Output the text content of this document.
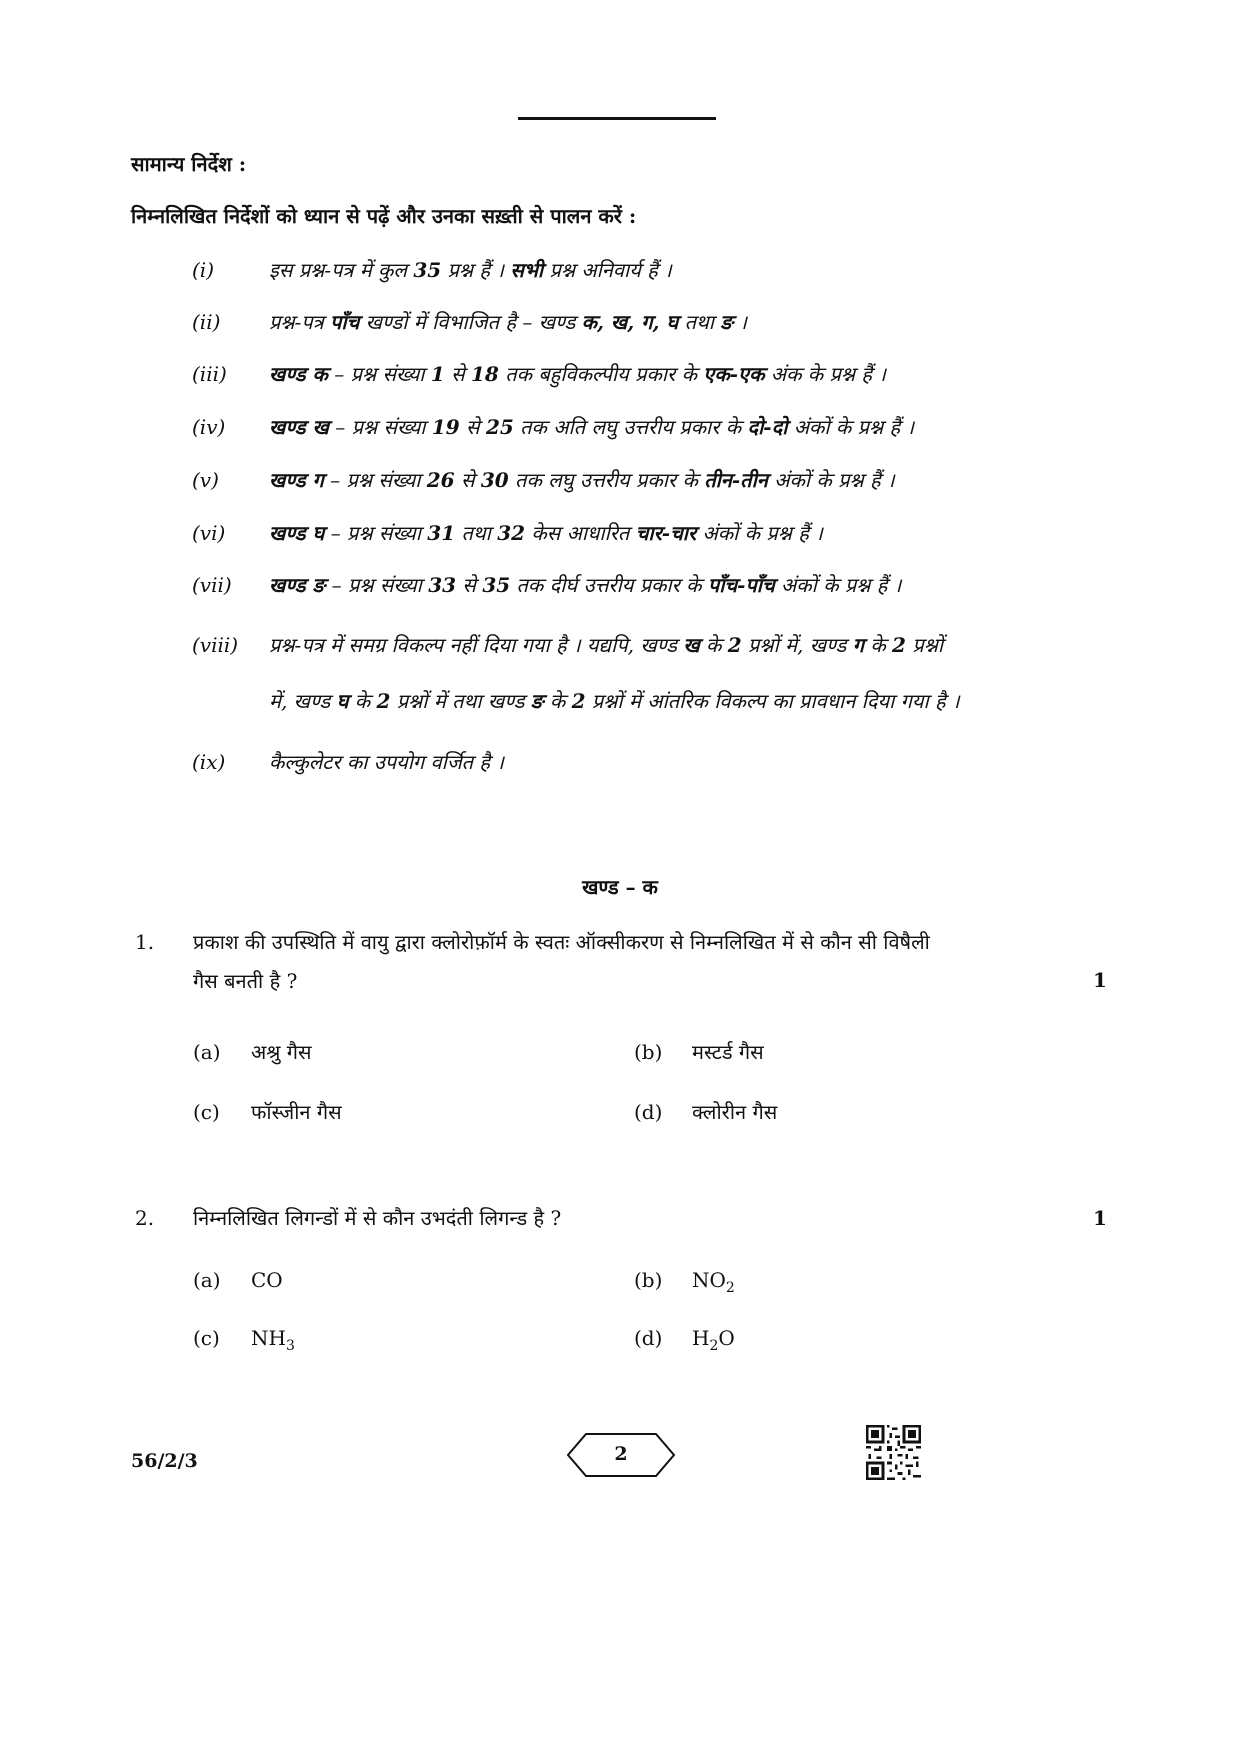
सामान्य निर्देश :
निम्नलिखित निर्देशों को ध्यान से पढ़ें और उनका सख़्ती से पालन करें :
(i)	इस प्रश्न-पत्र में कुल 35 प्रश्न हैं । सभी प्रश्न अनिवार्य हैं ।
(ii) प्रश्न-पत्र पाँच खण्डों में विभाजित है – खण्ड क, ख, ग, घ तथा ङ ।
(iii) खण्ड क – प्रश्न संख्या 1 से 18 तक बहुविकल्पीय प्रकार के एक-एक अंक के प्रश्न हैं ।
(iv) खण्ड ख – प्रश्न संख्या 19 से 25 तक अति लघु उत्तरीय प्रकार के दो-दो अंकों के प्रश्न हैं ।
(v)	खण्ड ग – प्रश्न संख्या 26 से 30 तक लघु उत्तरीय प्रकार के तीन-तीन अंकों के प्रश्न हैं ।
(vi) खण्ड घ – प्रश्न संख्या 31 तथा 32 केस आधारित चार-चार अंकों के प्रश्न हैं ।
(vii) खण्ड ङ – प्रश्न संख्या 33 से 35 तक दीर्घ उत्तरीय प्रकार के पाँच-पाँच अंकों के प्रश्न हैं ।
(viii) प्रश्न-पत्र में समग्र विकल्प नहीं दिया गया है । यद्यपि, खण्ड ख के 2 प्रश्नों में, खण्ड ग के 2 प्रश्नों
में, खण्ड घ के 2 प्रश्नों में तथा खण्ड ङ के 2 प्रश्नों में आंतरिक विकल्प का प्रावधान दिया गया है ।
(ix) कैल्कुलेटर का उपयोग वर्जित है ।
खण्ड – क
1. प्रकाश की उपस्थिति में वायु द्वारा क्लोरोफ़ॉर्म के स्वतः ऑक्सीकरण से निम्नलिखित में से कौन सी विषैली
गैस बनती है ?	1
(a) अश्रु गैस	(b) मस्टर्ड गैस
(c) फॉस्जीन गैस	(d) क्लोरीन गैस
2. निम्नलिखित लिगन्डों में से कौन उभदंती लिगन्ड है ?	1
(a) CO	(b) $NO_2$
(c) $NH_3$	(d) $H_2O$
56/2/3	2
